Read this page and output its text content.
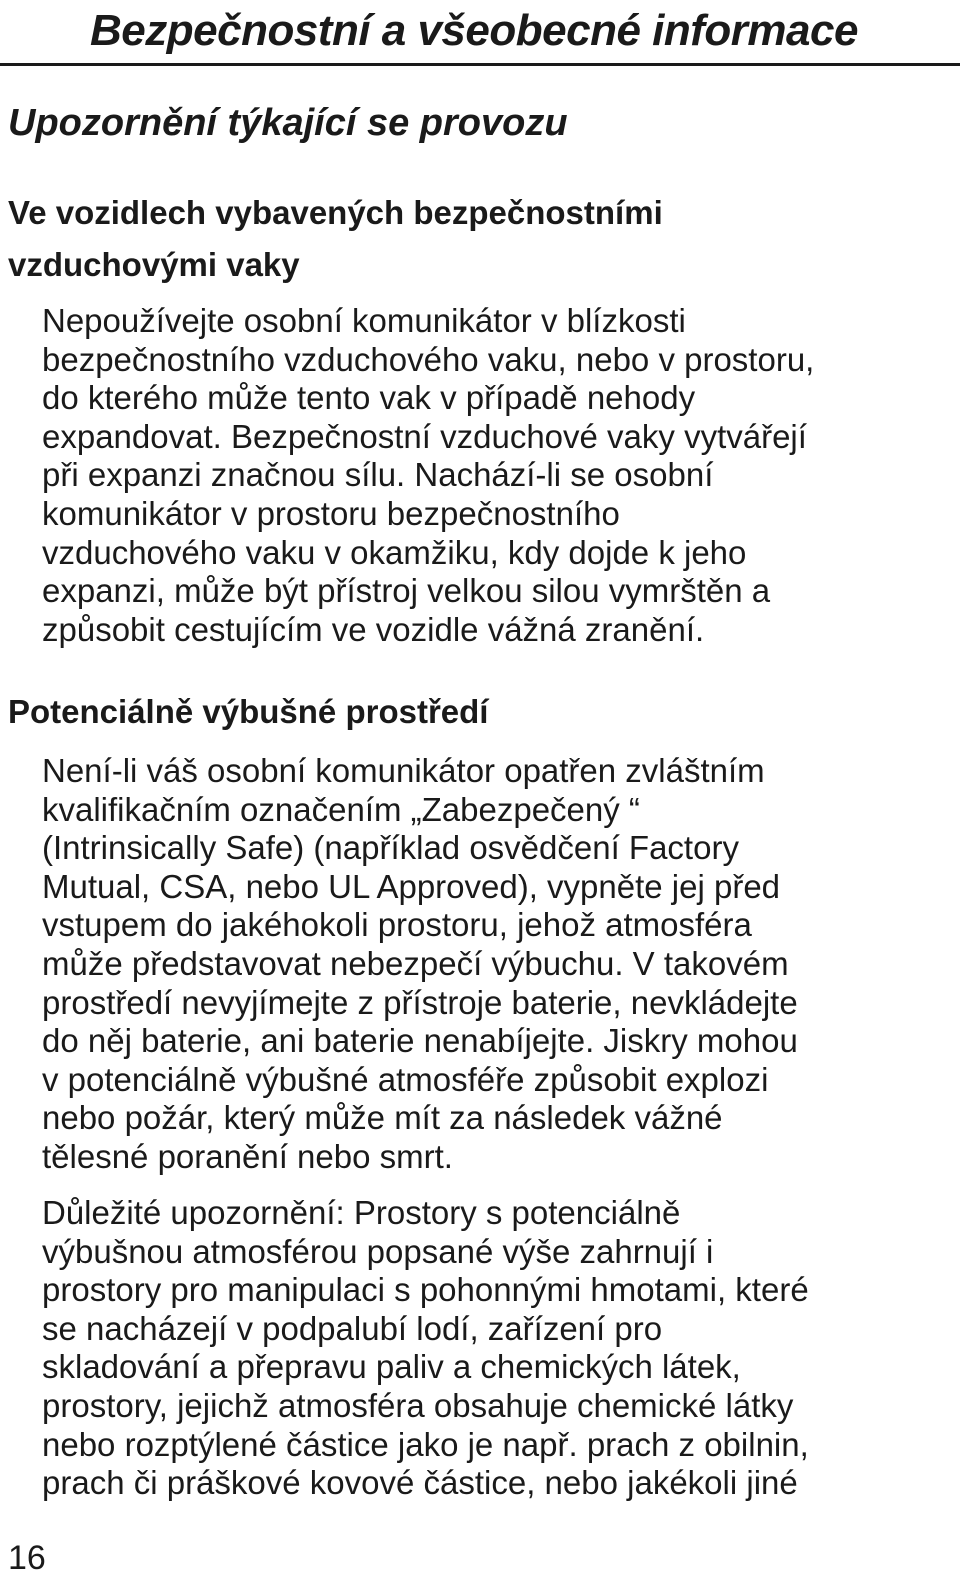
Bezpečnostní a všeobecné informace
Upozornění týkající se provozu
Ve vozidlech vybavených bezpečnostními
vzduchovými vaky

Nepoužívejte osobní komunikátor v blízkosti
bezpečnostního vzduchového vaku, nebo v prostoru,
do kterého může tento vak v případě nehody
expandovat. Bezpečnostní vzduchové vaky vytvářejí
při expanzi značnou sílu. Nachází-li se osobní
komunikátor v prostoru bezpečnostního
vzduchového vaku v okamžiku, kdy dojde k jeho
expanzi, může být přístroj velkou silou vymrštěn a
způsobit cestujícím ve vozidle vážná zranění.

Potenciálně výbušné prostředí

Není-li váš osobní komunikátor opatřen zvláštním
kvalifikačním označením „Zabezpečený “
(Intrinsically Safe) (například osvědčení Factory
Mutual, CSA, nebo UL Approved), vypněte jej před
vstupem do jakéhokoli prostoru, jehož atmosféra
může představovat nebezpečí výbuchu. V takovém
prostředí nevyjímejte z přístroje baterie, nevkládejte
do něj baterie, ani baterie nenabíjejte. Jiskry mohou
v potenciálně výbušné atmosféře způsobit explozi
nebo požár, který může mít za následek vážné
tělesné poranění nebo smrt.

Důležité upozornění: Prostory s potenciálně
výbušnou atmosférou popsané výše zahrnují i
prostory pro manipulaci s pohonnými hmotami, které
se nacházejí v podpalubí lodí, zařízení pro
skladování a přepravu paliv a chemických látek,
prostory, jejichž atmosféra obsahuje chemické látky
nebo rozptýlené částice jako je např. prach z obilnin,
prach či práškové kovové částice, nebo jakékoli jiné

16
